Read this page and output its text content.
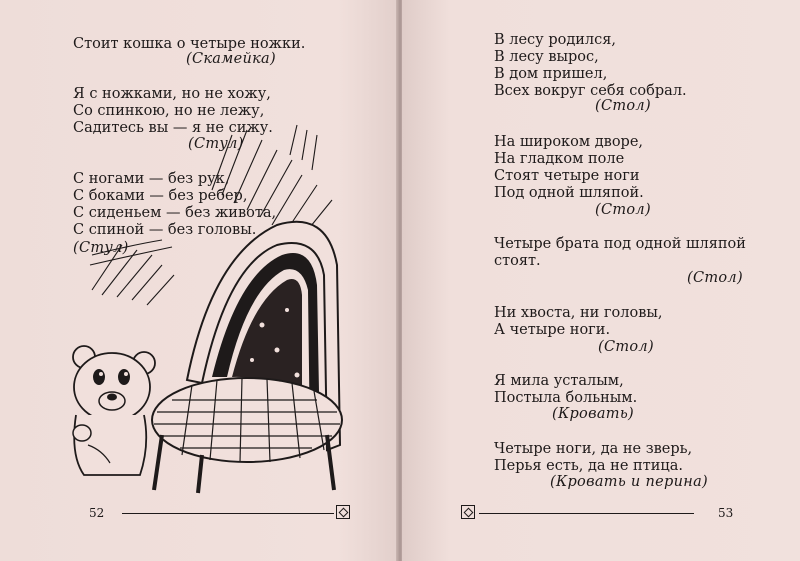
Стоит кошка о четыре ножки.
(Скамейка)
Я с ножками, но не хожу,
Со спинкою, но не лежу,
Садитесь вы — я не сижу.
(Стул)
С ногами — без рук,
С боками — без ребер,
С сиденьем — без живота,
С спиной — без головы.
(Стул)
52
В лесу родился,
В лесу вырос,
В дом пришел,
Всех вокруг себя собрал.
(Стол)
На широком дворе,
На гладком поле
Стоят четыре ноги
Под одной шляпой.
(Стол)
Четыре брата под одной шляпой
стоят.
(Стол)
Ни хвоста, ни головы,
А четыре ноги.
(Стол)
Я мила усталым,
Постыла больным.
(Кровать)
Четыре ноги, да не зверь,
Перья есть, да не птица.
(Кровать и перина)
53
